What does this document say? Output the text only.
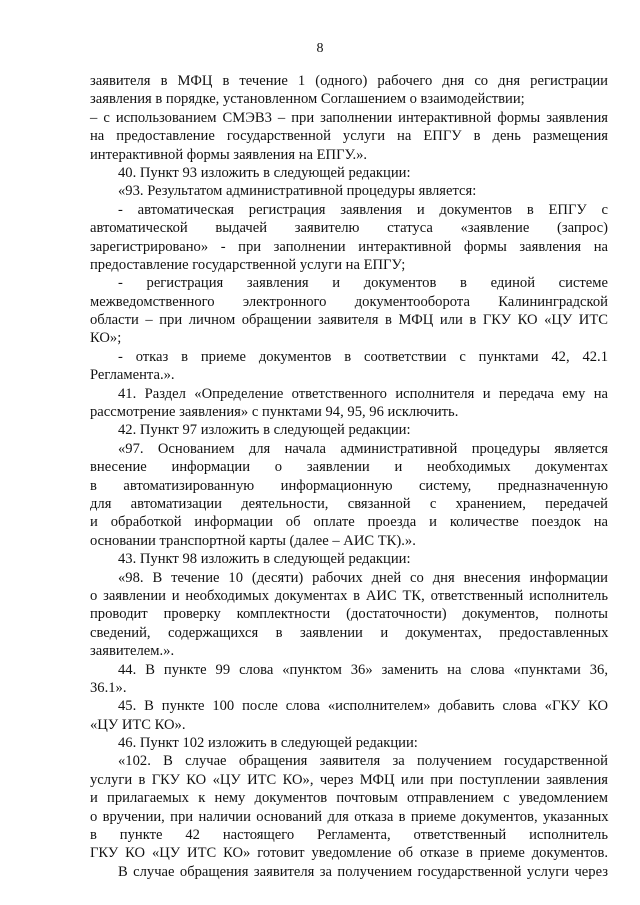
8
заявителя в МФЦ в течение 1 (одного) рабочего дня со дня регистрации
заявления в порядке, установленном Соглашением о взаимодействии;
– с использованием СМЭВ3 – при заполнении интерактивной формы заявления
на предоставление государственной услуги на ЕПГУ в день размещения
интерактивной формы заявления на ЕПГУ.».
40. Пункт 93 изложить в следующей редакции:
«93. Результатом административной процедуры является:
- автоматическая регистрация заявления и документов в ЕПГУ с
автоматической выдачей заявителю статуса «заявление (запрос)
зарегистрировано» - при заполнении интерактивной формы заявления на
предоставление государственной услуги на ЕПГУ;
- регистрация заявления и документов в единой системе
межведомственного электронного документооборота Калининградской
области – при личном обращении заявителя в МФЦ или в ГКУ КО «ЦУ ИТС
КО»;
- отказ в приеме документов в соответствии с пунктами 42, 42.1
Регламента.».
41. Раздел «Определение ответственного исполнителя и передача ему на
рассмотрение заявления» с пунктами 94, 95, 96 исключить.
42. Пункт 97 изложить в следующей редакции:
«97. Основанием для начала административной процедуры является
внесение информации о заявлении и необходимых документах
в автоматизированную информационную систему, предназначенную
для автоматизации деятельности, связанной с хранением, передачей
и обработкой информации об оплате проезда и количестве поездок на
основании транспортной карты (далее – АИС ТК).».
43. Пункт 98 изложить в следующей редакции:
«98. В течение 10 (десяти) рабочих дней со дня внесения информации
о заявлении и необходимых документах в АИС ТК, ответственный исполнитель
проводит проверку комплектности (достаточности) документов, полноты
сведений, содержащихся в заявлении и документах, предоставленных
заявителем.».
44. В пункте 99 слова «пунктом 36» заменить на слова «пунктами 36,
36.1».
45. В пункте 100 после слова «исполнителем» добавить слова «ГКУ КО
«ЦУ ИТС КО».
46. Пункт 102 изложить в следующей редакции:
«102. В случае обращения заявителя за получением государственной
услуги в ГКУ КО «ЦУ ИТС КО», через МФЦ или при поступлении заявления
и прилагаемых к нему документов почтовым отправлением с уведомлением
о вручении, при наличии оснований для отказа в приеме документов, указанных
в пункте 42 настоящего Регламента, ответственный исполнитель
ГКУ КО «ЦУ ИТС КО» готовит уведомление об отказе в приеме документов.
В случае обращения заявителя за получением государственной услуги через
